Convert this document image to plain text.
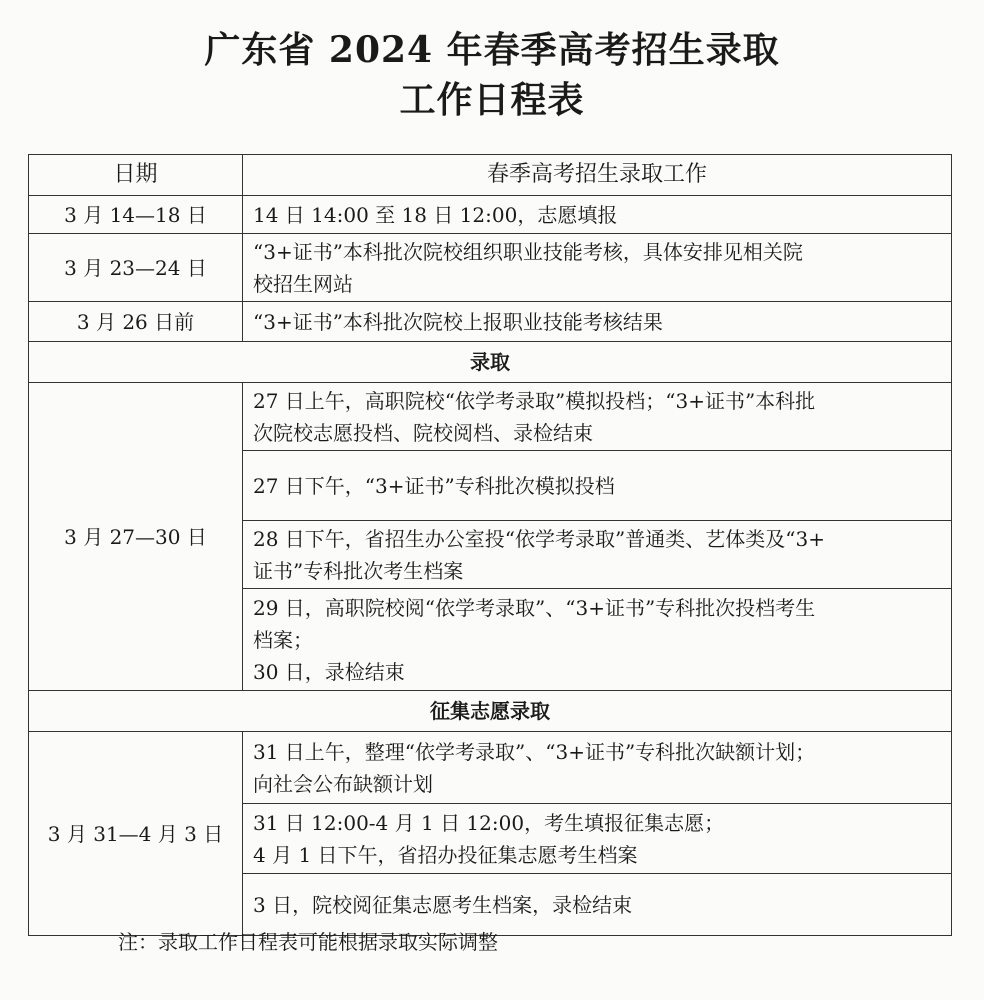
广东省 2024 年春季高考招生录取
工作日程表
日期	春季高考招生录取工作
3 月 14—18 日	14 日 14:00 至 18 日 12:00，志愿填报

3 月 23—24 日	“3+证书”本科批次院校组织职业技能考核，具体安排见相关院
校招生网站

3 月 26 日前	“3+证书”本科批次院校上报职业技能考核结果

录取	
3 月 27—30 日	27 日上午，高职院校“依学考录取”模拟投档；“3+证书”本科批
次院校志愿投档、院校阅档、录检结束

	27 日下午，“3+证书”专科批次模拟投档

	28 日下午，省招生办公室投“依学考录取”普通类、艺体类及“3+
证书”专科批次考生档案

	29 日，高职院校阅“依学考录取”、“3+证书”专科批次投档考生
档案；
30 日，录检结束

征集志愿录取	
3 月 31—4 月 3 日	31 日上午，整理“依学考录取”、“3+证书”专科批次缺额计划；
向社会公布缺额计划

	31 日 12:00-4 月 1 日 12:00，考生填报征集志愿；
4 月 1 日下午，省招办投征集志愿考生档案

	3 日，院校阅征集志愿考生档案，录检结束
注：录取工作日程表可能根据录取实际调整
